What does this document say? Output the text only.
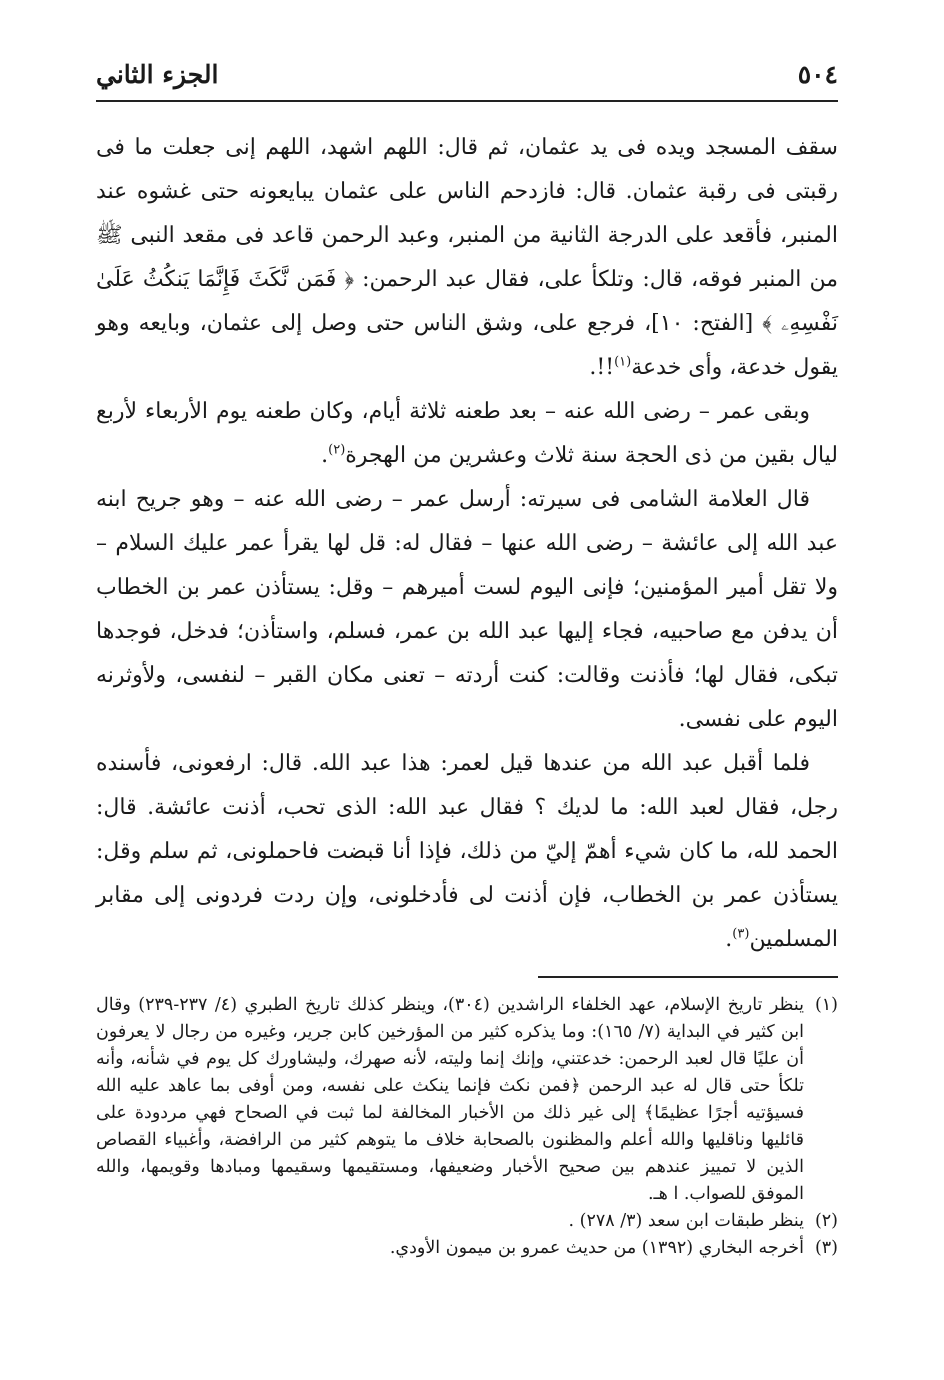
٥٠٤
الجزء الثاني

سقف المسجد ويده فى يد عثمان، ثم قال: اللهم اشهد، اللهم إنى جعلت ما فى رقبتى فى رقبة عثمان. قال: فازدحم الناس على عثمان يبايعونه حتى غشوه عند المنبر، فأقعد على الدرجة الثانية من المنبر، وعبد الرحمن قاعد فى مقعد النبى ﷺ من المنبر فوقه، قال: وتلكأ على، فقال عبد الرحمن: ﴿ فَمَن نَّكَثَ فَإِنَّمَا يَنكُثُ عَلَىٰ نَفْسِهِۦ ﴾ [الفتح: ١٠]، فرجع على، وشق الناس حتى وصل إلى عثمان، وبايعه وهو يقول خدعة، وأى خدعة$^{(١)}$!!.

وبقى عمر – رضى الله عنه – بعد طعنه ثلاثة أيام، وكان طعنه يوم الأربعاء لأربع ليال بقين من ذى الحجة سنة ثلاث وعشرين من الهجرة$^{(٢)}$.

قال العلامة الشامى فى سيرته: أرسل عمر – رضى الله عنه – وهو جريح ابنه عبد الله إلى عائشة – رضى الله عنها – فقال له: قل لها يقرأ عمر عليك السلام – ولا تقل أمير المؤمنين؛ فإنى اليوم لست أميرهم – وقل: يستأذن عمر بن الخطاب أن يدفن مع صاحبيه، فجاء إليها عبد الله بن عمر، فسلم، واستأذن؛ فدخل، فوجدها تبكى، فقال لها؛ فأذنت وقالت: كنت أردته – تعنى مكان القبر – لنفسى، ولأوثرنه اليوم على نفسى.

فلما أقبل عبد الله من عندها قيل لعمر: هذا عبد الله. قال: ارفعونى، فأسنده رجل، فقال لعبد الله: ما لديك ؟ فقال عبد الله: الذى تحب، أذنت عائشة. قال: الحمد لله، ما كان شيء أهمّ إليّ من ذلك، فإذا أنا قبضت فاحملونى، ثم سلم وقل: يستأذن عمر بن الخطاب، فإن أذنت لى فأدخلونى، وإن ردت فردونى إلى مقابر المسلمين$^{(٣)}$.

(١)
ينظر تاريخ الإسلام، عهد الخلفاء الراشدين (٣٠٤)، وينظر كذلك تاريخ الطبري (٤/ ٢٣٧-٢٣٩) وقال ابن كثير في البداية (٧/ ١٦٥): وما يذكره كثير من المؤرخين كابن جرير، وغيره من رجال لا يعرفون أن عليًا قال لعبد الرحمن: خدعتني، وإنك إنما وليته، لأنه صهرك، وليشاورك كل يوم في شأنه، وأنه تلكأ حتى قال له عبد الرحمن ﴿فمن نكث فإنما ينكث على نفسه، ومن أوفى بما عاهد عليه الله فسيؤتيه أجرًا عظيمًا﴾ إلى غير ذلك من الأخبار المخالفة لما ثبت في الصحاح فهي مردودة على قائليها وناقليها والله أعلم والمظنون بالصحابة خلاف ما يتوهم كثير من الرافضة، وأغبياء القصاص الذين لا تمييز عندهم بين صحيح الأخبار وضعيفها، ومستقيمها وسقيمها ومبادها وقويمها، والله الموفق للصواب. ا هـ.
(٢)
ينظر طبقات ابن سعد (٣/ ٢٧٨) .
(٣)
أخرجه البخاري (١٣٩٢) من حديث عمرو بن ميمون الأودي.
